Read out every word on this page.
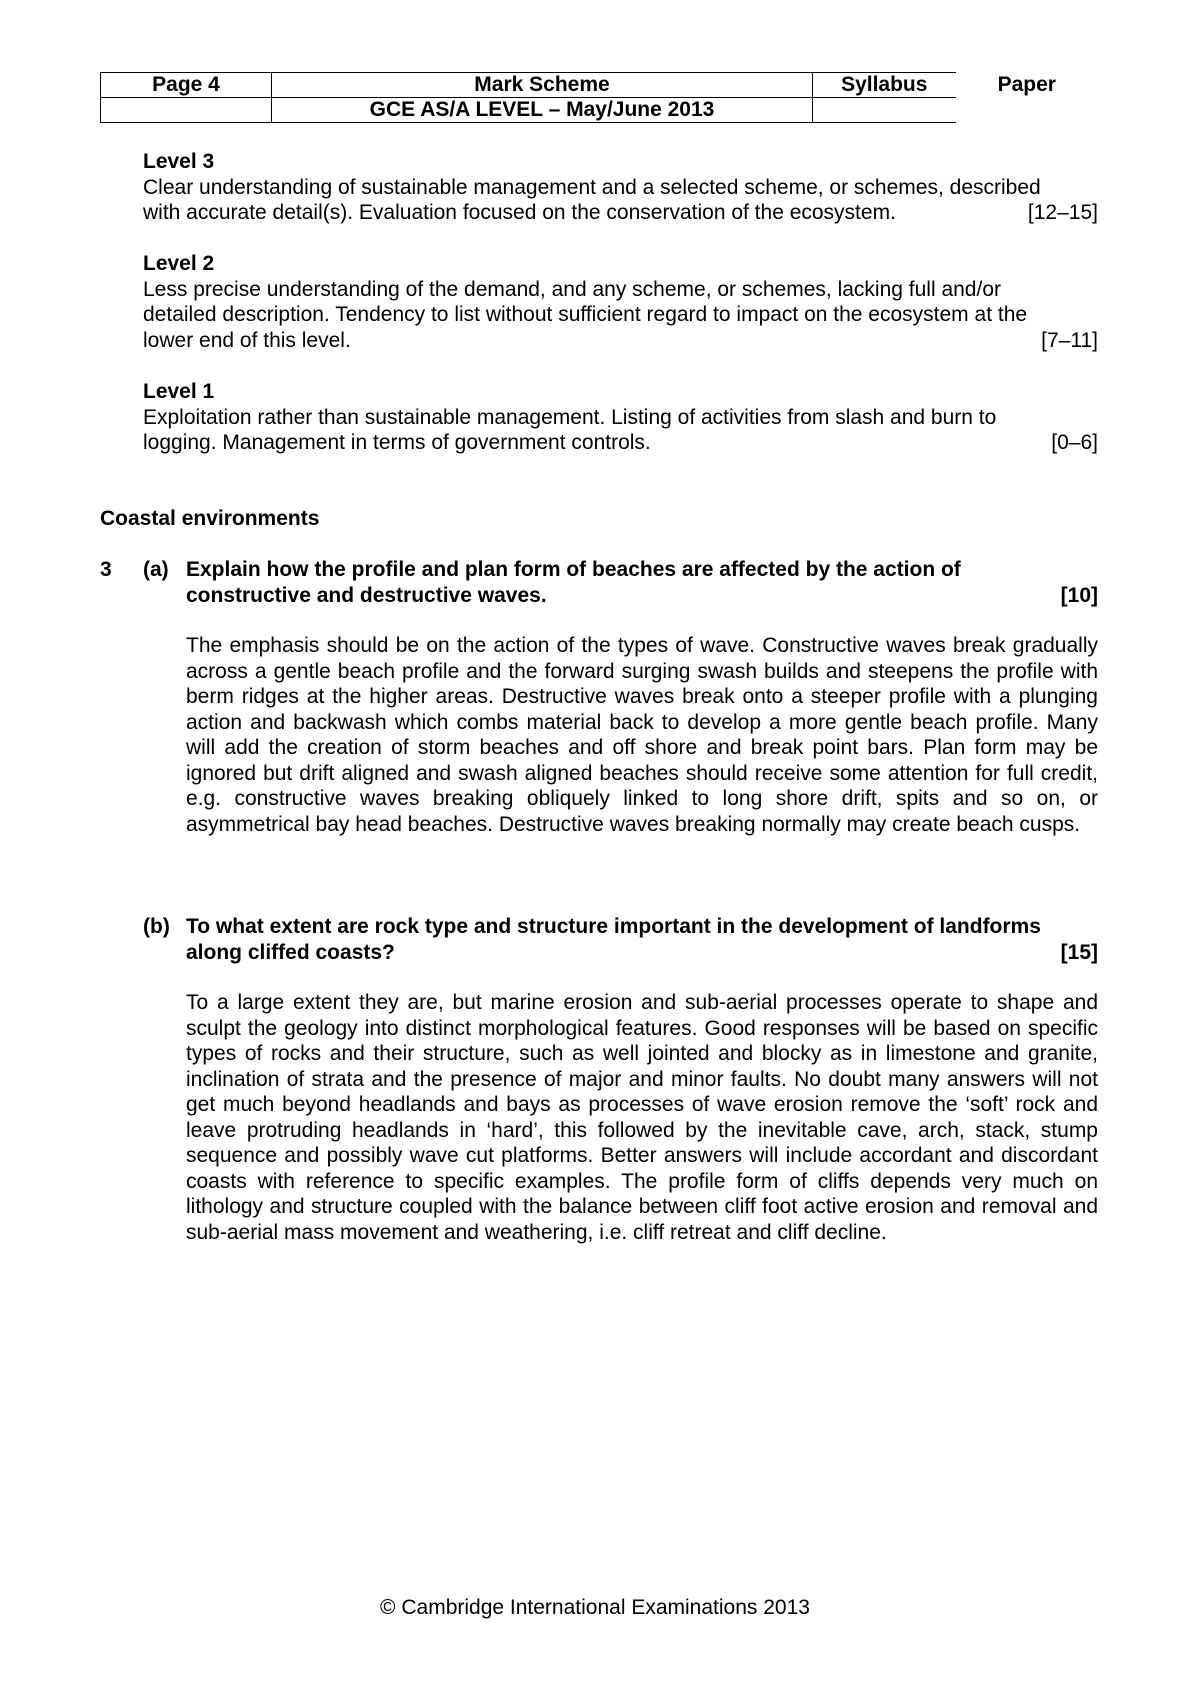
Page 4	Mark Scheme	Syllabus	Paper
	GCE AS/A LEVEL – May/June 2013		
Level 3
Clear understanding of sustainable management and a selected scheme, or schemes, described
with accurate detail(s). Evaluation focused on the conservation of the ecosystem.	[12–15]
Level 2
Less precise understanding of the demand, and any scheme, or schemes, lacking full and/or
detailed description. Tendency to list without sufficient regard to impact on the ecosystem at the
lower end of this level.	[7–11]
Level 1
Exploitation rather than sustainable management. Listing of activities from slash and burn to
logging. Management in terms of government controls.	[0–6]
Coastal environments
3 (a) Explain how the profile and plan form of beaches are affected by the action of
constructive and destructive waves.	[10]
The emphasis should be on the action of the types of wave. Constructive waves break gradually across a gentle beach profile and the forward surging swash builds and steepens the profile with berm ridges at the higher areas. Destructive waves break onto a steeper profile with a plunging action and backwash which combs material back to develop a more gentle beach profile. Many will add the creation of storm beaches and off shore and break point bars. Plan form may be ignored but drift aligned and swash aligned beaches should receive some attention for full credit, e.g. constructive waves breaking obliquely linked to long shore drift, spits and so on, or asymmetrical bay head beaches. Destructive waves breaking normally may create beach cusps.
(b) To what extent are rock type and structure important in the development of landforms
along cliffed coasts?	[15]
To a large extent they are, but marine erosion and sub-aerial processes operate to shape and sculpt the geology into distinct morphological features. Good responses will be based on specific types of rocks and their structure, such as well jointed and blocky as in limestone and granite, inclination of strata and the presence of major and minor faults. No doubt many answers will not get much beyond headlands and bays as processes of wave erosion remove the ‘soft’ rock and leave protruding headlands in ‘hard’, this followed by the inevitable cave, arch, stack, stump sequence and possibly wave cut platforms. Better answers will include accordant and discordant coasts with reference to specific examples. The profile form of cliffs depends very much on lithology and structure coupled with the balance between cliff foot active erosion and removal and sub-aerial mass movement and weathering, i.e. cliff retreat and cliff decline.
© Cambridge International Examinations 2013
